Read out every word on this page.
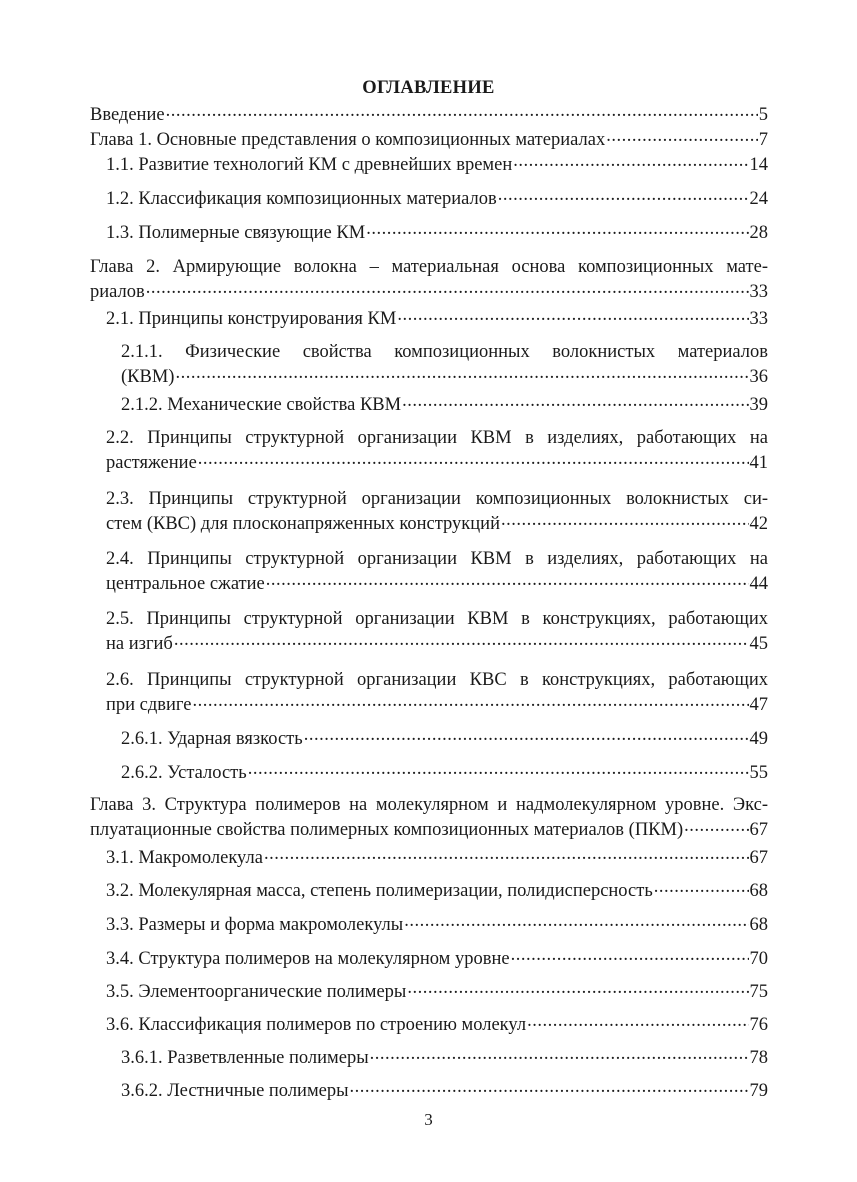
ОГЛАВЛЕНИЕ
Введение .....	5
Глава 1. Основные представления о композиционных материалах .....	7
1.1. Развитие технологий КМ с древнейших времен .....	14
1.2. Классификация композиционных материалов .....	24
1.3. Полимерные связующие КМ .....	28
Глава 2. Армирующие волокна – материальная основа композиционных мате-
риалов .....	33
2.1. Принципы конструирования КМ .....	33
2.1.1. Физические свойства композиционных волокнистых материалов
(КВМ) .....	36
2.1.2. Механические свойства КВМ .....	39
2.2. Принципы структурной организации КВМ в изделиях, работающих на
растяжение .....	41
2.3. Принципы структурной организации композиционных волокнистых си-
стем (КВС) для плосконапряженных конструкций .....	42
2.4. Принципы структурной организации КВМ в изделиях, работающих на
центральное сжатие .....	44
2.5. Принципы структурной организации КВМ в конструкциях, работающих
на изгиб .....	45
2.6. Принципы структурной организации КВС в конструкциях, работающих
при сдвиге .....	47
2.6.1. Ударная вязкость .....	49
2.6.2. Усталость .....	55
Глава 3. Структура полимеров на молекулярном и надмолекулярном уровне. Экс-
плуатационные свойства полимерных композиционных материалов (ПКМ) .....	67
3.1. Макромолекула .....	67
3.2. Молекулярная масса, степень полимеризации, полидисперсность .....	68
3.3. Размеры и форма макромолекулы .....	68
3.4. Структура полимеров на молекулярном уровне .....	70
3.5. Элементоорганические полимеры .....	75
3.6. Классификация полимеров по строению молекул .....	76
3.6.1. Разветвленные полимеры .....	78
3.6.2. Лестничные полимеры .....	79
3
